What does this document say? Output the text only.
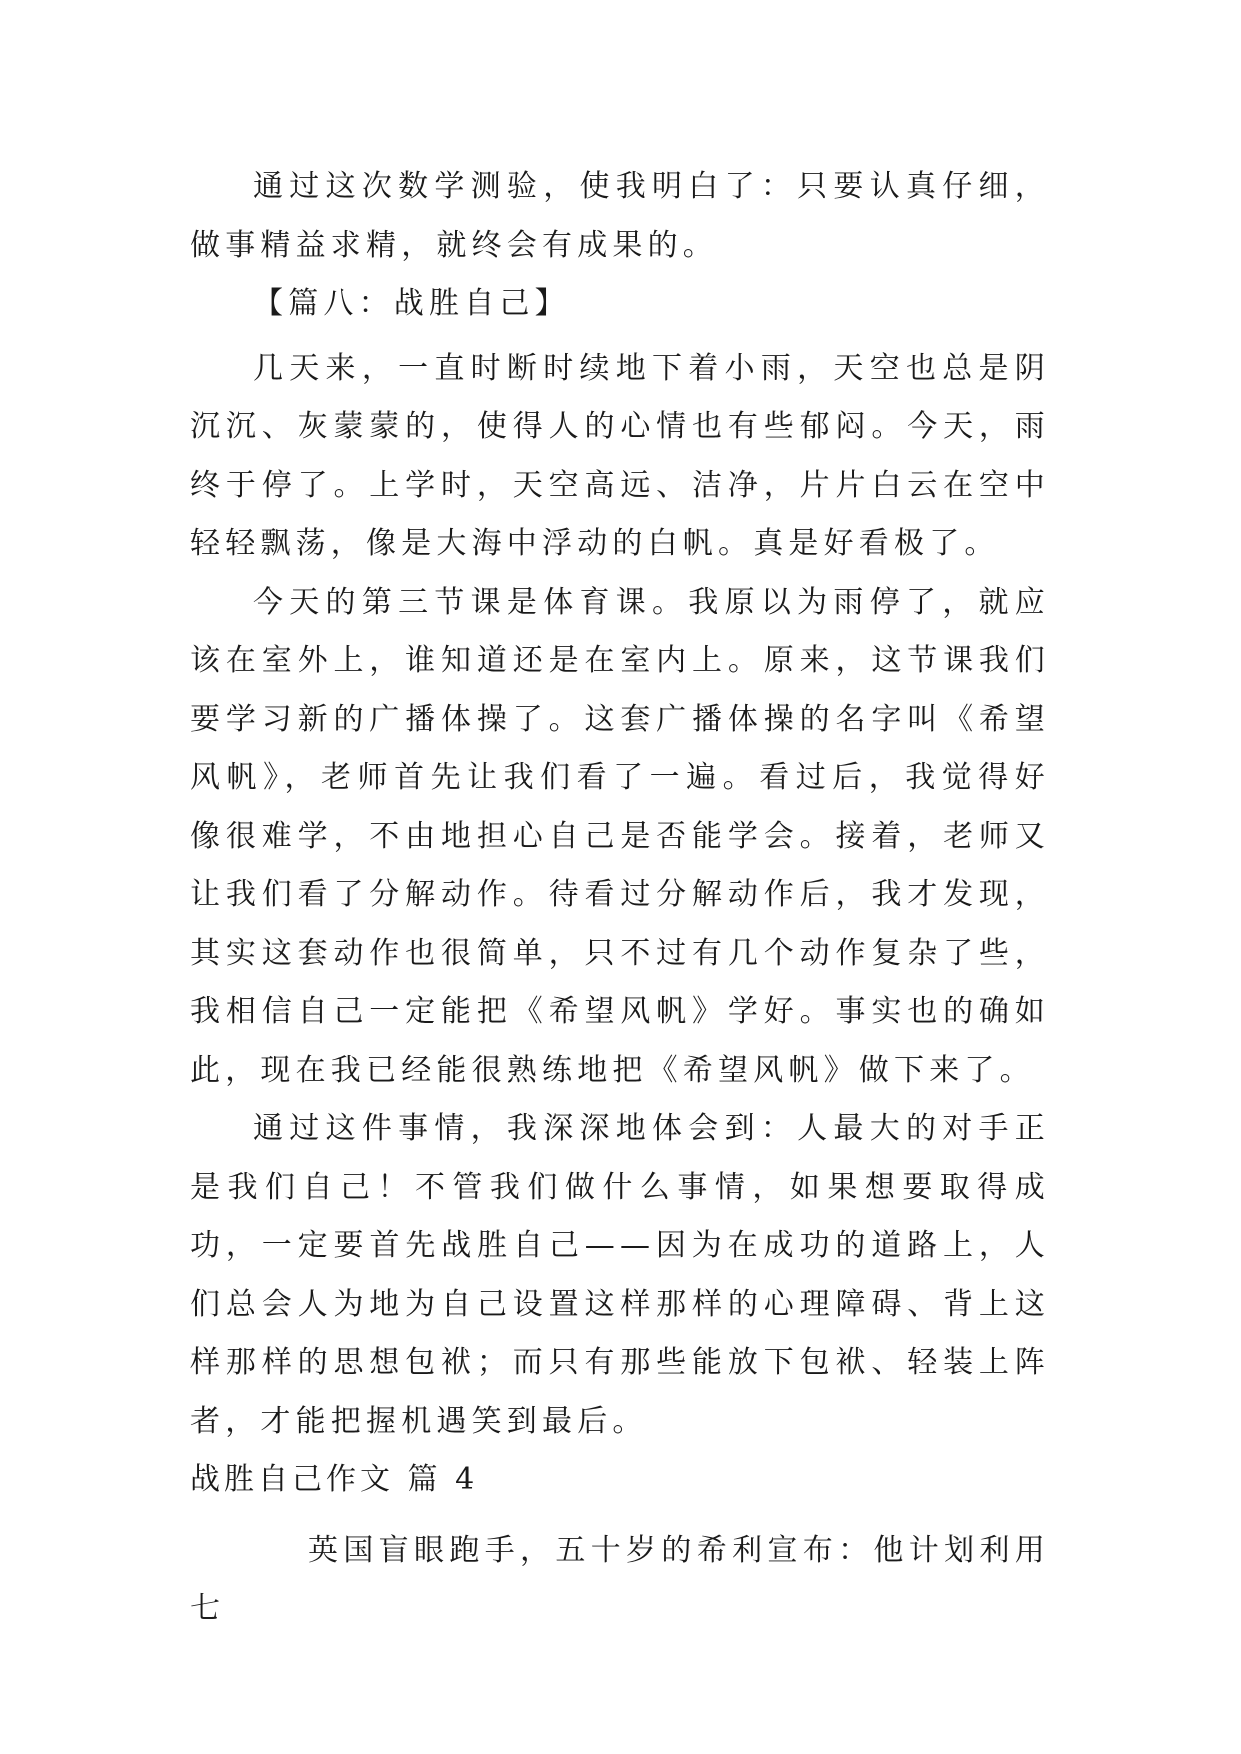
通过这次数学测验，使我明白了：只要认真仔细，做事精益求精，就终会有成果的。

【篇八：战胜自己】

几天来，一直时断时续地下着小雨，天空也总是阴沉沉、灰蒙蒙的，使得人的心情也有些郁闷。今天，雨终于停了。上学时，天空高远、洁净，片片白云在空中轻轻飘荡，像是大海中浮动的白帆。真是好看极了。

今天的第三节课是体育课。我原以为雨停了，就应该在室外上，谁知道还是在室内上。原来，这节课我们要学习新的广播体操了。这套广播体操的名字叫《希望风帆》，老师首先让我们看了一遍。看过后，我觉得好像很难学，不由地担心自己是否能学会。接着，老师又让我们看了分解动作。待看过分解动作后，我才发现，其实这套动作也很简单，只不过有几个动作复杂了些，我相信自己一定能把《希望风帆》学好。事实也的确如此，现在我已经能很熟练地把《希望风帆》做下来了。

通过这件事情，我深深地体会到：人最大的对手正是我们自己！不管我们做什么事情，如果想要取得成功，一定要首先战胜自己——因为在成功的道路上，人们总会人为地为自己设置这样那样的心理障碍、背上这样那样的思想包袱；而只有那些能放下包袱、轻装上阵者，才能把握机遇笑到最后。

战胜自己作文 篇 4

英国盲眼跑手，五十岁的希利宣布：他计划利用七
